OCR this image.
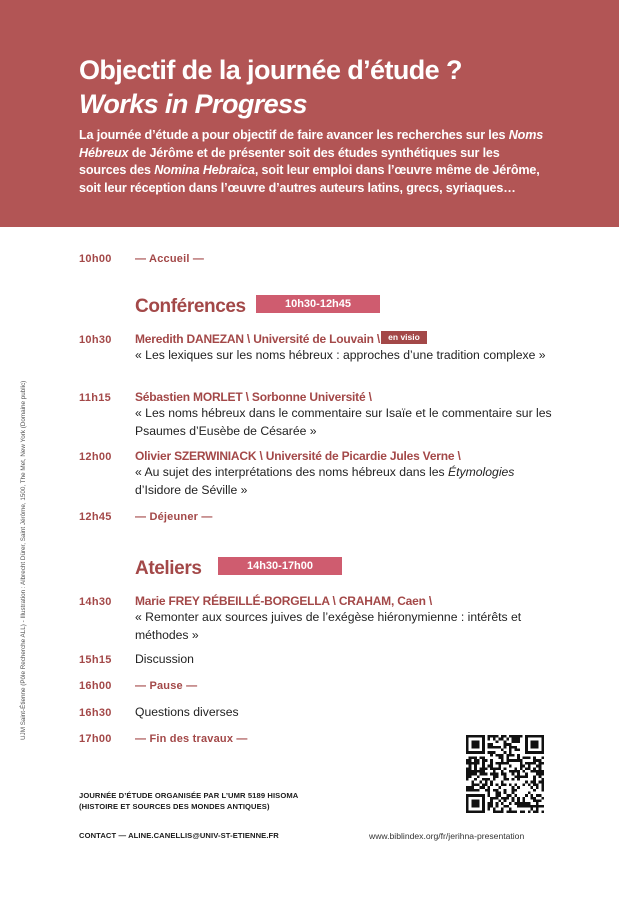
Objectif de la journée d’étude ?
Works in Progress
La journée d’étude a pour objectif de faire avancer les recherches sur les Noms Hébreux de Jérôme et de présenter soit des études synthétiques sur les sources des Nomina Hebraica, soit leur emploi dans l’œuvre même de Jérôme, soit leur réception dans l’œuvre d’autres auteurs latins, grecs, syriaques…
UJM Saint-Étienne (Pôle Recherche ALL) - Illustration : Albrecht Dürer, Saint Jérôme, 1500, The Met, New York (Domaine public)
10h00 — Accueil —
Conférences	10h30-12h45
10h30 Meredith DANEZAN \ Université de Louvain \ en visio
« Les lexiques sur les noms hébreux : approches d’une tradition complexe »
11h15 Sébastien MORLET \ Sorbonne Université \
« Les noms hébreux dans le commentaire sur Isaïe et le commentaire sur les Psaumes d’Eusèbe de Césarée »
12h00 Olivier SZERWINIACK \ Université de Picardie Jules Verne \
« Au sujet des interprétations des noms hébreux dans les Étymologies d’Isidore de Séville »
12h45 — Déjeuner —
Ateliers	14h30-17h00
14h30 Marie FREY RÉBEILLÉ-BORGELLA \ CRAHAM, Caen \
« Remonter aux sources juives de l’exégèse hiéronymienne : intérêts et méthodes »
15h15 Discussion
16h00 — Pause —
16h30 Questions diverses
17h00 — Fin des travaux —
JOURNÉE D’ÉTUDE ORGANISÉE PAR L’UMR 5189 HISOMA
(HISTOIRE ET SOURCES DES MONDES ANTIQUES)
CONTACT — ALINE.CANELLIS@UNIV-ST-ETIENNE.FR	www.biblindex.org/fr/jerihna-presentation
